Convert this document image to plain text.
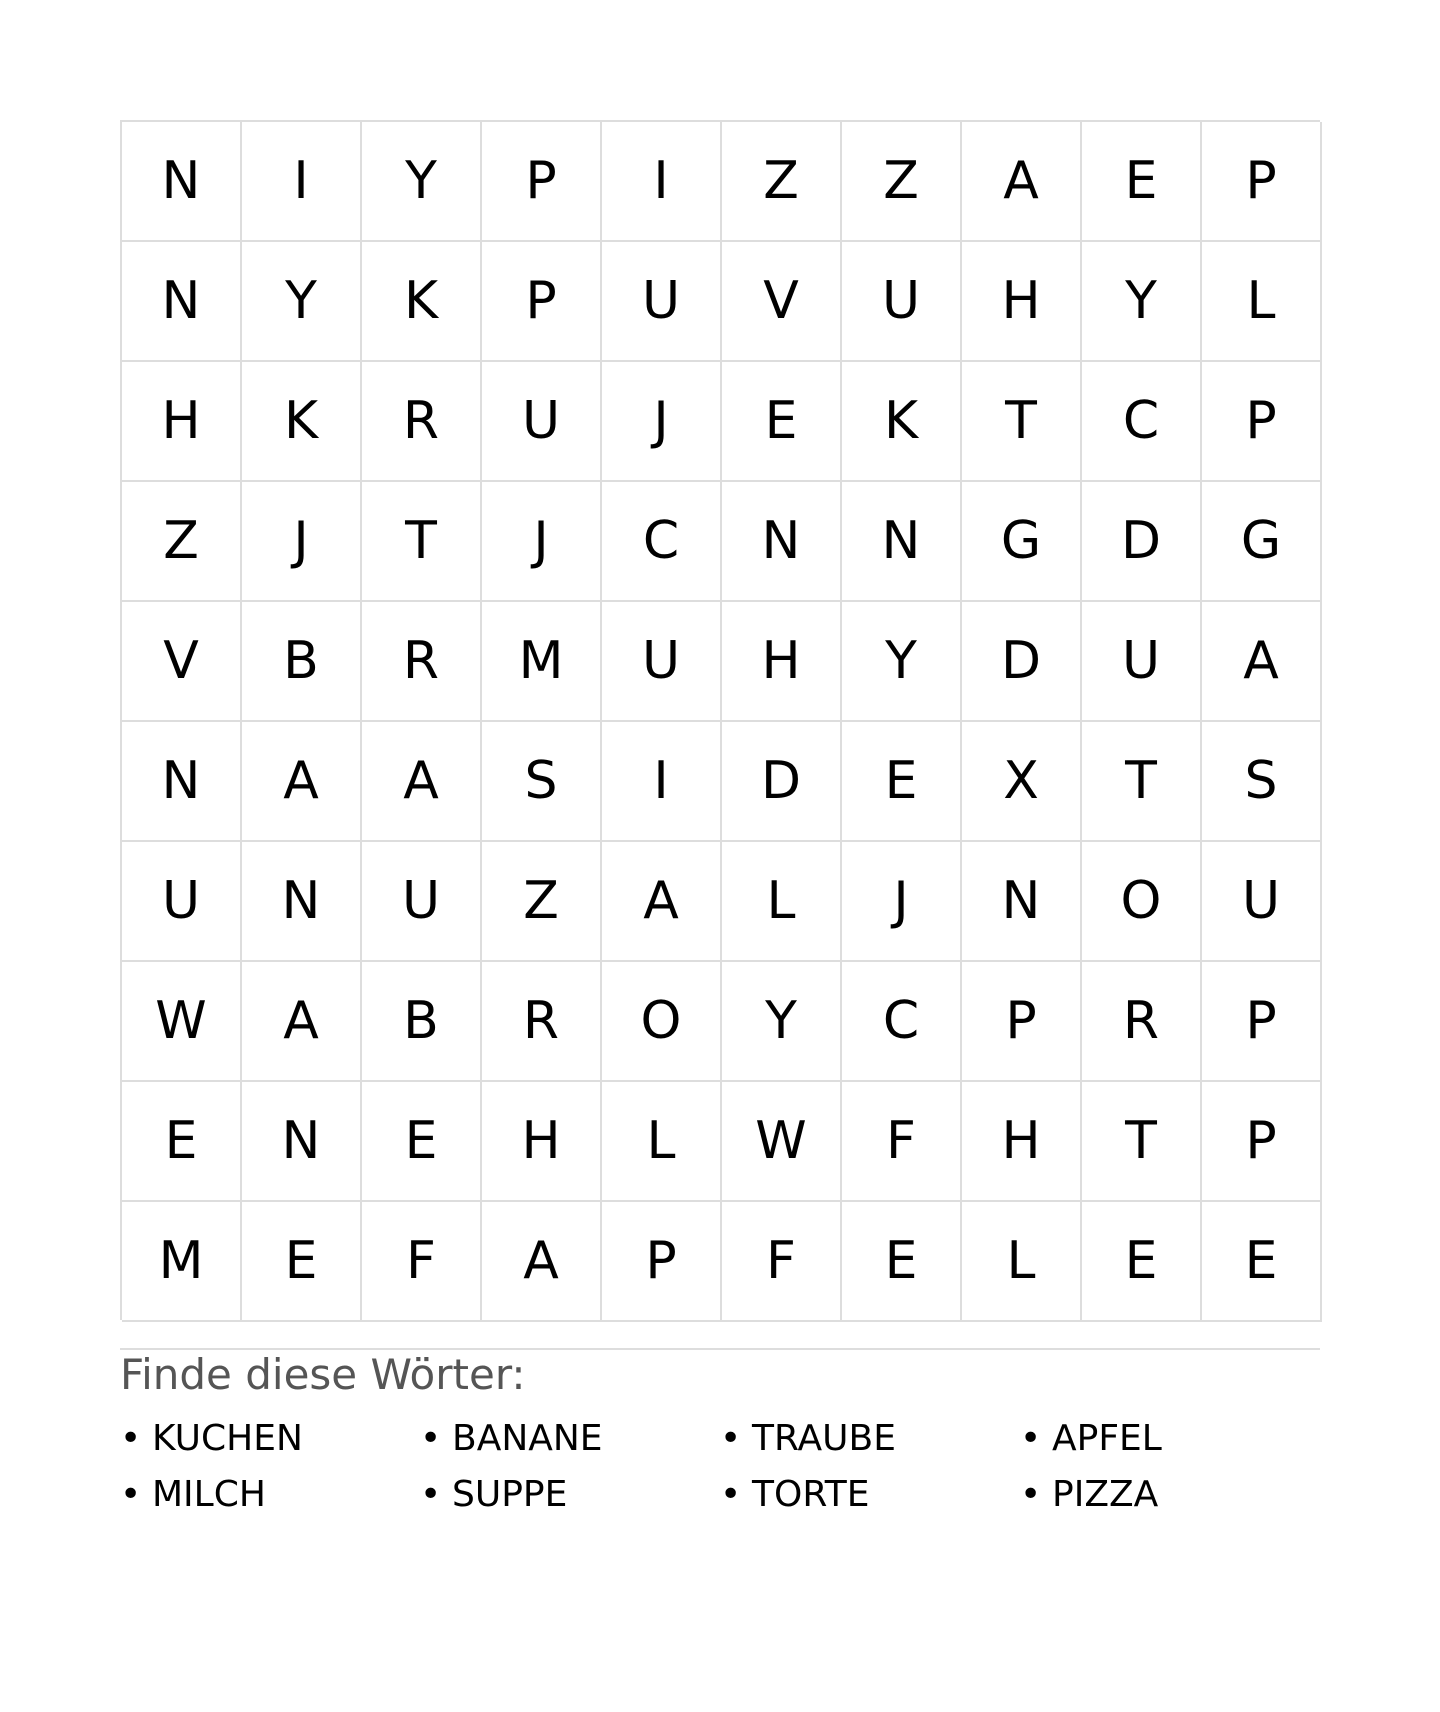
N	I	Y	P	I	Z	Z	A	E	P
N	Y	K	P	U	V	U	H	Y	L
H	K	R	U	J	E	K	T	C	P
Z	J	T	J	C	N	N	G	D	G
V	B	R	M	U	H	Y	D	U	A
N	A	A	S	I	D	E	X	T	S
U	N	U	Z	A	L	J	N	O	U
W	A	B	R	O	Y	C	P	R	P
E	N	E	H	L	W	F	H	T	P
M	E	F	A	P	F	E	L	E	E
Finde diese Wörter:
• KUCHEN	• BANANE	• TRAUBE	• APFEL
• MILCH	• SUPPE	• TORTE	• PIZZA
